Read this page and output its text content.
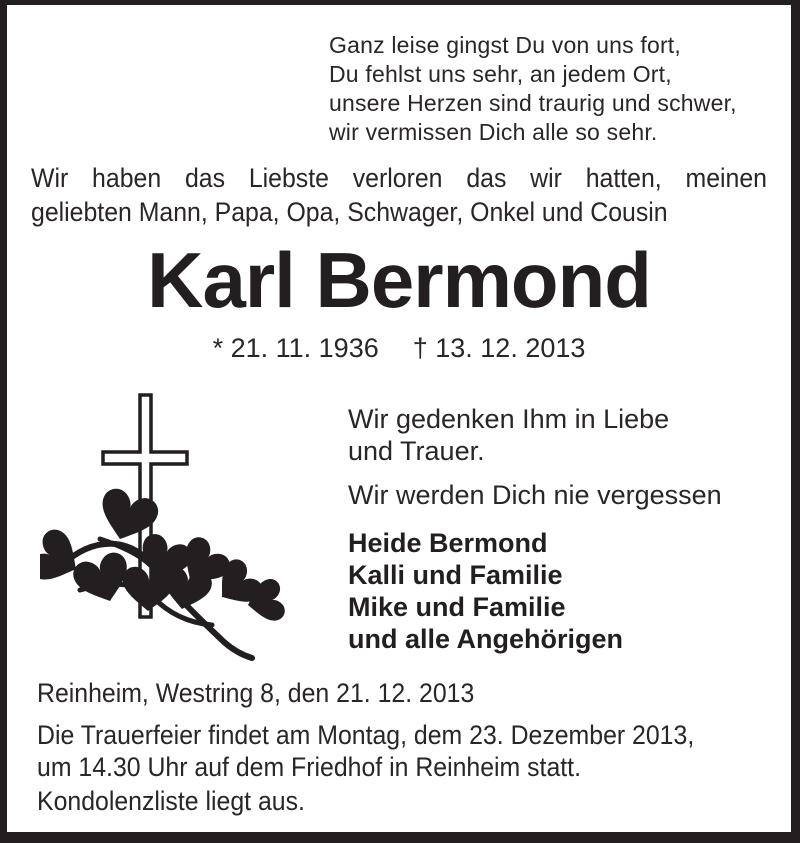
Ganz leise gingst Du von uns fort,
Du fehlst uns sehr, an jedem Ort,
unsere Herzen sind traurig und schwer,
wir vermissen Dich alle so sehr.
Wir haben das Liebste verloren das wir hatten, meinen
geliebten Mann, Papa, Opa, Schwager, Onkel und Cousin
Karl Bermond
* 21. 11. 1936 † 13. 12. 2013
Wir gedenken Ihm in Liebe
und Trauer.
Wir werden Dich nie vergessen
Heide Bermond
Kalli und Familie
Mike und Familie
und alle Angehörigen
Reinheim, Westring 8, den 21. 12. 2013
Die Trauerfeier findet am Montag, dem 23. Dezember 2013,
um 14.30 Uhr auf dem Friedhof in Reinheim statt.
Kondolenzliste liegt aus.
